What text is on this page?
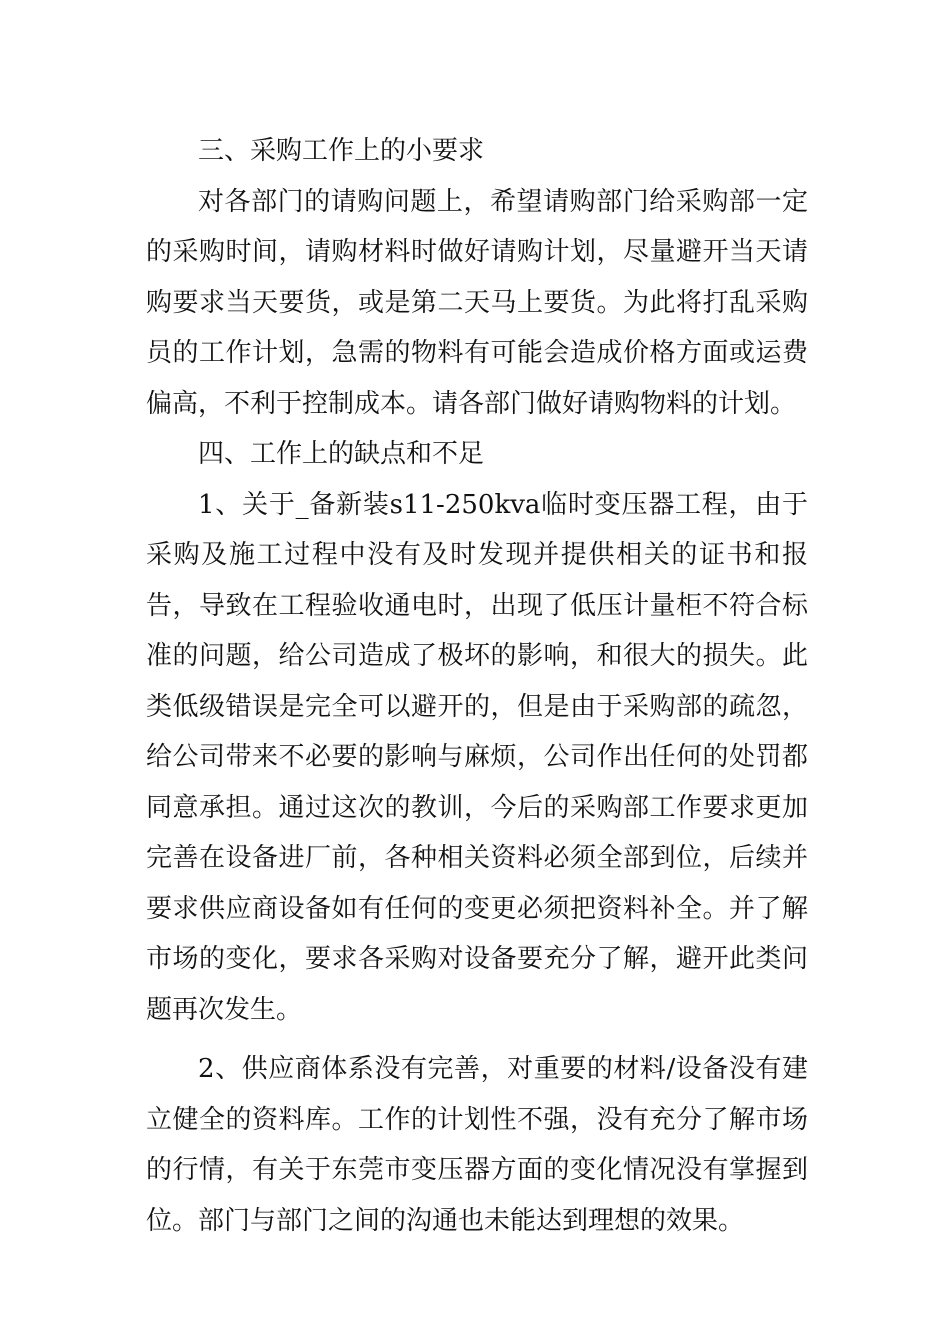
三、采购工作上的小要求

对各部门的请购问题上，希望请购部门给采购部一定的采购时间，请购材料时做好请购计划，尽量避开当天请购要求当天要货，或是第二天马上要货。为此将打乱采购员的工作计划，急需的物料有可能会造成价格方面或运费偏高，不利于控制成本。请各部门做好请购物料的计划。

四、工作上的缺点和不足

1、关于_备新装s11-250kva临时变压器工程，由于采购及施工过程中没有及时发现并提供相关的证书和报告，导致在工程验收通电时，出现了低压计量柜不符合标准的问题，给公司造成了极坏的影响，和很大的损失。此类低级错误是完全可以避开的，但是由于采购部的疏忽，给公司带来不必要的影响与麻烦，公司作出任何的处罚都同意承担。通过这次的教训，今后的采购部工作要求更加完善在设备进厂前，各种相关资料必须全部到位，后续并要求供应商设备如有任何的变更必须把资料补全。并了解市场的变化，要求各采购对设备要充分了解，避开此类问题再次发生。

2、供应商体系没有完善，对重要的材料/设备没有建立健全的资料库。工作的计划性不强，没有充分了解市场的行情，有关于东莞市变压器方面的变化情况没有掌握到位。部门与部门之间的沟通也未能达到理想的效果。
